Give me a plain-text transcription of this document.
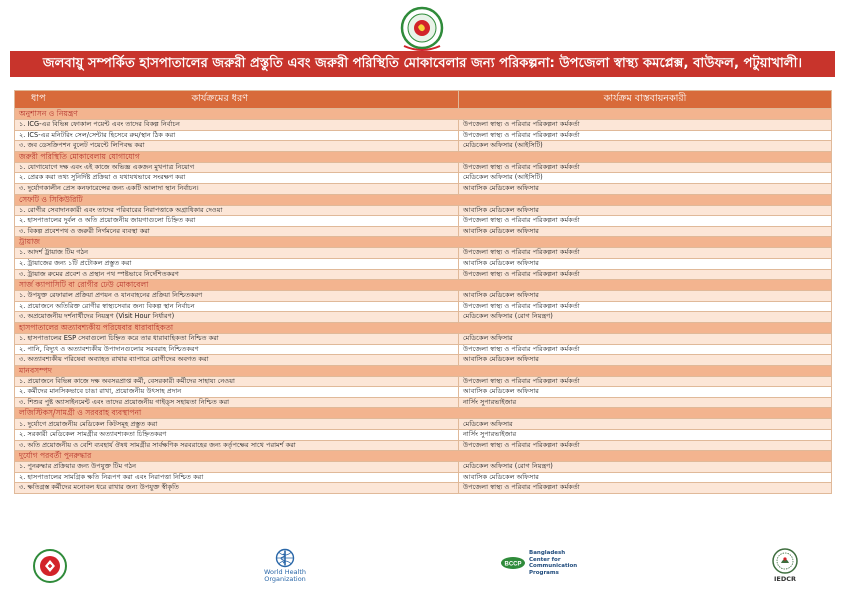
জলবায়ু সম্পর্কিত হাসপাতালের জরুরী প্রস্তুতি এবং জরুরী পরিস্থিতি মোকাবেলার জন্য পরিকল্পনা: উপজেলা স্বাস্থ্য কমপ্লেক্স, বাউফল, পটুয়াখালী।
ধাপ কার্যক্রমের ধরণ	কার্যক্রম বাস্তবায়নকারী
অনুশাসন ও নিয়ন্ত্রণ	
১. ICG-এর বিভিন্ন ফোকাল পয়েন্ট এবং তাদের বিকল্প নির্বাচন	উপজেলা স্বাস্থ্য ও পরিবার পরিকল্পনা কর্মকর্তা
২. ICS-এর মনিটরিং সেল/সেন্টার হিসেবে রুম/স্থান ঠিক করা	উপজেলা স্বাস্থ্য ও পরিবার পরিকল্পনা কর্মকর্তা
৩. জব ডেসক্রিপশন বুলেট পয়েন্টে লিপিবদ্ধ করা	মেডিকেল অফিসার (আইসিটি)
জরুরী পরিস্থিতি মোকাবেলায় যোগাযোগ	
১. যোগাযোগে দক্ষ এবং এই কাজে অভিজ্ঞ একজন মুখপাত্র নিয়োগ	উপজেলা স্বাস্থ্য ও পরিবার পরিকল্পনা কর্মকর্তা
২. প্রেরক করা তথ্য সুনির্দিষ্ট প্রক্রিয়া ও যথাযথভাবে সংরক্ষণ করা	মেডিকেল অফিসার (আইসিটি)
৩. দুর্যোগকালীন প্রেস কনফারেন্সের জন্য একটি আলাদা স্থান নির্বাচন।	আবাসিক মেডিকেল অফিসার
সেফটি ও সিকিউরিটি	
১. রোগীর সেবাদানকারী এবং তাদের পরিবারের নিরাপত্তাকে অগ্রাধিকার দেওয়া	আবাসিক মেডিকেল অফিসার
২. হাসপাতালের দুর্বল ও অতি প্রয়োজনীয় জায়গাগুলো চিহ্নিত করা	উপজেলা স্বাস্থ্য ও পরিবার পরিকল্পনা কর্মকর্তা
৩. বিকল্প প্রবেশপথ ও জরুরী নির্গমনের ব্যবস্থা করা	আবাসিক মেডিকেল অফিসার
ট্রায়াজ	
১. আদর্শ ট্রায়াজ টিম গঠন	উপজেলা স্বাস্থ্য ও পরিবার পরিকল্পনা কর্মকর্তা
২. ট্রায়াজের জন্য ১টি প্রটোকল প্রস্তুত করা	আবাসিক মেডিকেল অফিসার
৩. ট্রায়াজ রুমের প্রবেশ ও প্রস্থান পথ স্পষ্টভাবে নির্দেশিতকরণ	উপজেলা স্বাস্থ্য ও পরিবার পরিকল্পনা কর্মকর্তা
সার্জ ক্যাপাসিটি বা রোগীর ঢেউ মোকাবেলা	
১. উপযুক্ত রেফারাল প্রক্রিয়া প্রণয়ন ও যানবাহনের প্রক্রিয়া নিশ্চিতকরণ	আবাসিক মেডিকেল অফিসার
২. প্রয়োজনে অতিরিক্ত রোগীর স্বাস্থ্যসেবার জন্য বিকল্প স্থান নির্বাচন	উপজেলা স্বাস্থ্য ও পরিবার পরিকল্পনা কর্মকর্তা
৩. অপ্রয়োজনীয় দর্শনার্থীদের নিয়ন্ত্রণ (Visit Hour নির্ধারণ)	মেডিকেল অফিসার (রোগ নিয়ন্ত্রণ)
হাসপাতালের অত্যাবশ্যকীয় পরিষেবার ধারাবাহিকতা	
১. হাসপাতালের ESP সেবাগুলো চিহ্নিত করে তার ধারাবাহিকতা নিশ্চিত করা	মেডিকেল অফিসার
২. পানি, বিদ্যুৎ ও অত্যাবশ্যকীয় উপাদানগুলোর সরবরাহ নিশ্চিতকরণ	উপজেলা স্বাস্থ্য ও পরিবার পরিকল্পনা কর্মকর্তা
৩. অত্যাবশ্যকীয় পরিষেবা অব্যাহত রাখার ব্যাপারে রোগীদের অবগত করা	আবাসিক মেডিকেল অফিসার
মানবসম্পদ	
১. প্রয়োজনে বিভিন্ন কাজে দক্ষ অবসরপ্রাপ্ত কর্মী, বেসরকারী কর্মীদের সাহায্য নেওয়া	উপজেলা স্বাস্থ্য ও পরিবার পরিকল্পনা কর্মকর্তা
২. কর্মীদের মানসিকভাবে চাঙা রাখা, প্রয়োজনীয় উৎসাহ প্রদান	আবাসিক মেডিকেল অফিসার
৩. শিশুর পুষ্ট অ্যাসাইনমেন্ট এবং তাদের প্রয়োজনীয় গাইড্স সহায়তা নিশ্চিত করা	নার্সিং সুপারভাইজার
লজিস্টিকস্/সামগ্রী ও সরবরাহ ব্যবস্থাপনা	
১. দুর্যোগে প্রয়োজনীয় মেডিকেল কিটসমূহ প্রস্তুত করা	মেডিকেল অফিসার
২. সরকারী মেডিকেল সামগ্রীর অত্যাবশ্যকতা চিহ্নিতকরণ	নার্সিং সুপারভাইজার
৩. অতি প্রয়োজনীয় ও বেশি ব্যবহার্য ঔষধ সামগ্রীর সার্বক্ষণিক সরবরাহের জন্য কর্তৃপক্ষের সাথে পরামর্শ করা	উপজেলা স্বাস্থ্য ও পরিবার পরিকল্পনা কর্মকর্তা
দুর্যোগ পরবর্তী পুনরুদ্ধার	
১. পুনরুদ্ধার প্রক্রিয়ার জন্য উপযুক্ত টিম গঠন	মেডিকেল অফিসার (রোগ নিয়ন্ত্রণ)
২. হাসপাতালের সামগ্রিক ক্ষতি নিরূপণ করা এবং নিরাপত্তা নিশ্চিত করা	আবাসিক মেডিকেল অফিসার
৩. ক্ষতিগ্রস্ত কর্মীদের মনোবল ধরে রাখার জন্য উপযুক্ত স্বীকৃতি	উপজেলা স্বাস্থ্য ও পরিবার পরিকল্পনা কর্মকর্তা
World Health
Organization
BCCP
Bangladesh
Center for
Communication
Programs
IEDCR
